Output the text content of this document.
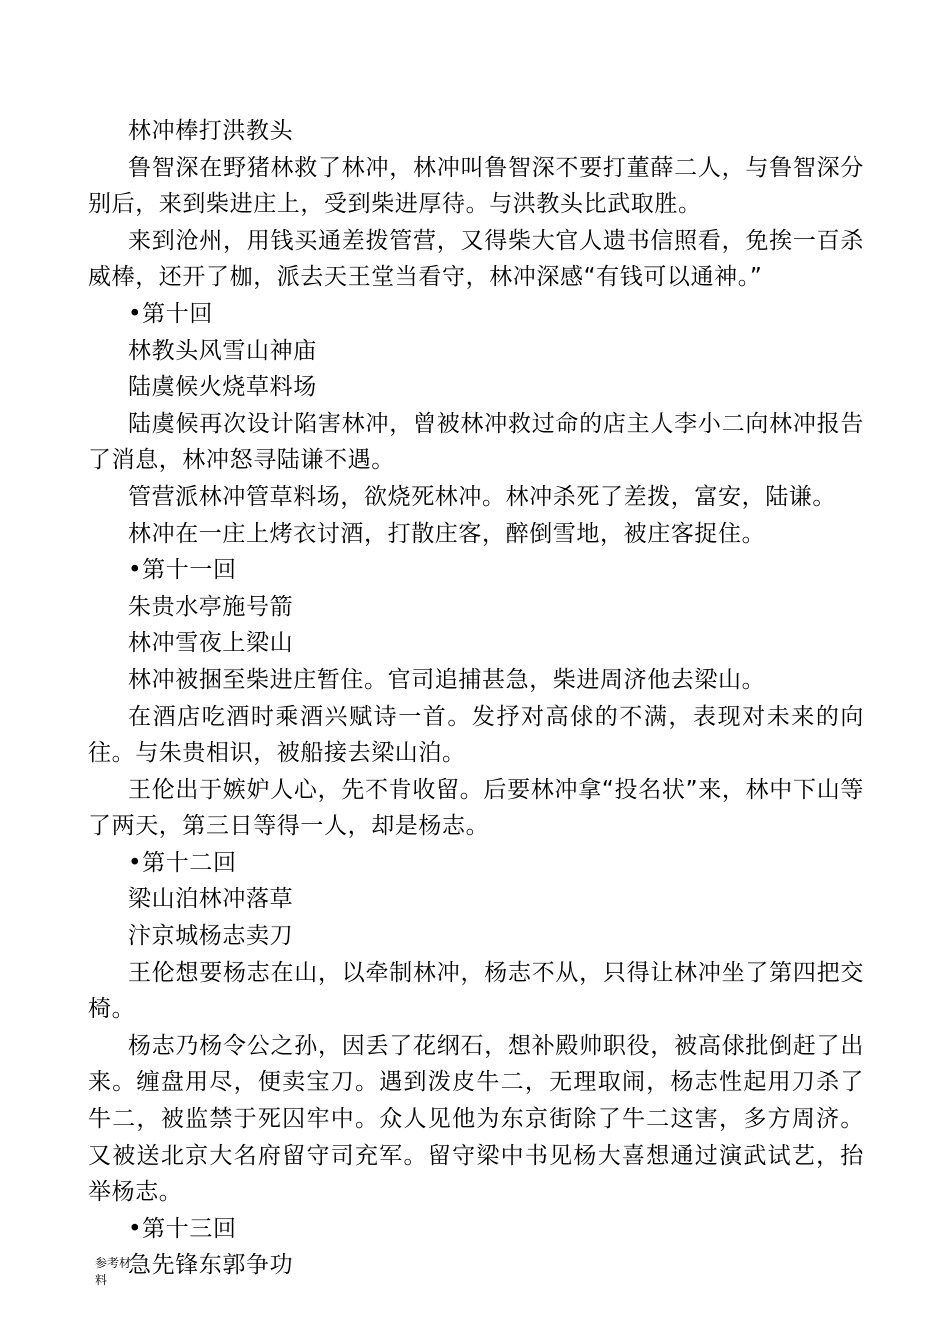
林冲棒打洪教头

鲁智深在野猪林救了林冲，林冲叫鲁智深不要打董薛二人，与鲁智深分别后，来到柴进庄上，受到柴进厚待。与洪教头比武取胜。

来到沧州，用钱买通差拨管营，又得柴大官人遗书信照看，免挨一百杀威棒，还开了枷，派去天王堂当看守，林冲深感“有钱可以通神。”

•第十回

林教头风雪山神庙

陆虞候火烧草料场

陆虞候再次设计陷害林冲，曾被林冲救过命的店主人李小二向林冲报告了消息，林冲怒寻陆谦不遇。

管营派林冲管草料场，欲烧死林冲。林冲杀死了差拨，富安，陆谦。

林冲在一庄上烤衣讨酒，打散庄客，醉倒雪地，被庄客捉住。

•第十一回

朱贵水亭施号箭

林冲雪夜上梁山

林冲被捆至柴进庄暂住。官司追捕甚急，柴进周济他去梁山。

在酒店吃酒时乘酒兴赋诗一首。发抒对高俅的不满，表现对未来的向往。与朱贵相识，被船接去梁山泊。

王伦出于嫉妒人心，先不肯收留。后要林冲拿“投名状”来，林中下山等了两天，第三日等得一人，却是杨志。

•第十二回

梁山泊林冲落草

汴京城杨志卖刀

王伦想要杨志在山，以牵制林冲，杨志不从，只得让林冲坐了第四把交椅。

杨志乃杨令公之孙，因丢了花纲石，想补殿帅职役，被高俅批倒赶了出来。缠盘用尽，便卖宝刀。遇到泼皮牛二，无理取闹，杨志性起用刀杀了牛二，被监禁于死囚牢中。众人见他为东京街除了牛二这害，多方周济。又被送北京大名府留守司充军。留守梁中书见杨大喜想通过演武试艺，抬举杨志。

•第十三回

急先锋东郭争功

参考材料
